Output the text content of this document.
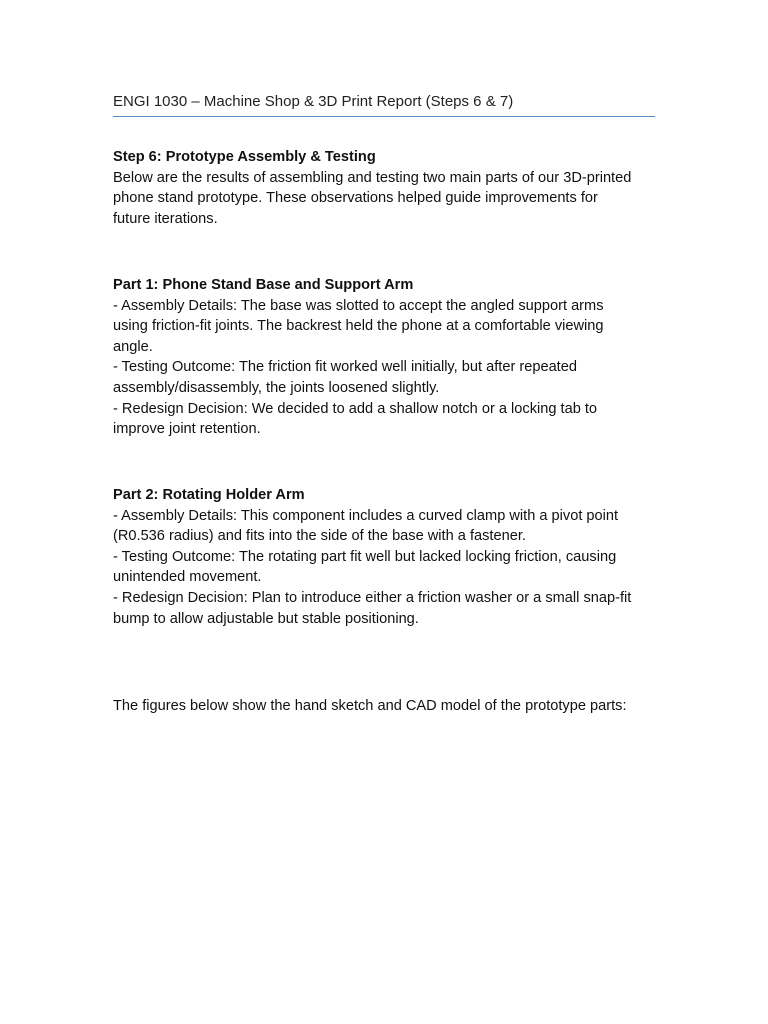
ENGI 1030 – Machine Shop & 3D Print Report (Steps 6 & 7)
Step 6: Prototype Assembly & Testing
Below are the results of assembling and testing two main parts of our 3D-printed
phone stand prototype. These observations helped guide improvements for
future iterations.
Part 1: Phone Stand Base and Support Arm
- Assembly Details: The base was slotted to accept the angled support arms
using friction-fit joints. The backrest held the phone at a comfortable viewing
angle.
- Testing Outcome: The friction fit worked well initially, but after repeated
assembly/disassembly, the joints loosened slightly.
- Redesign Decision: We decided to add a shallow notch or a locking tab to
improve joint retention.
Part 2: Rotating Holder Arm
- Assembly Details: This component includes a curved clamp with a pivot point
(R0.536 radius) and fits into the side of the base with a fastener.
- Testing Outcome: The rotating part fit well but lacked locking friction, causing
unintended movement.
- Redesign Decision: Plan to introduce either a friction washer or a small snap-fit
bump to allow adjustable but stable positioning.
The figures below show the hand sketch and CAD model of the prototype parts:
